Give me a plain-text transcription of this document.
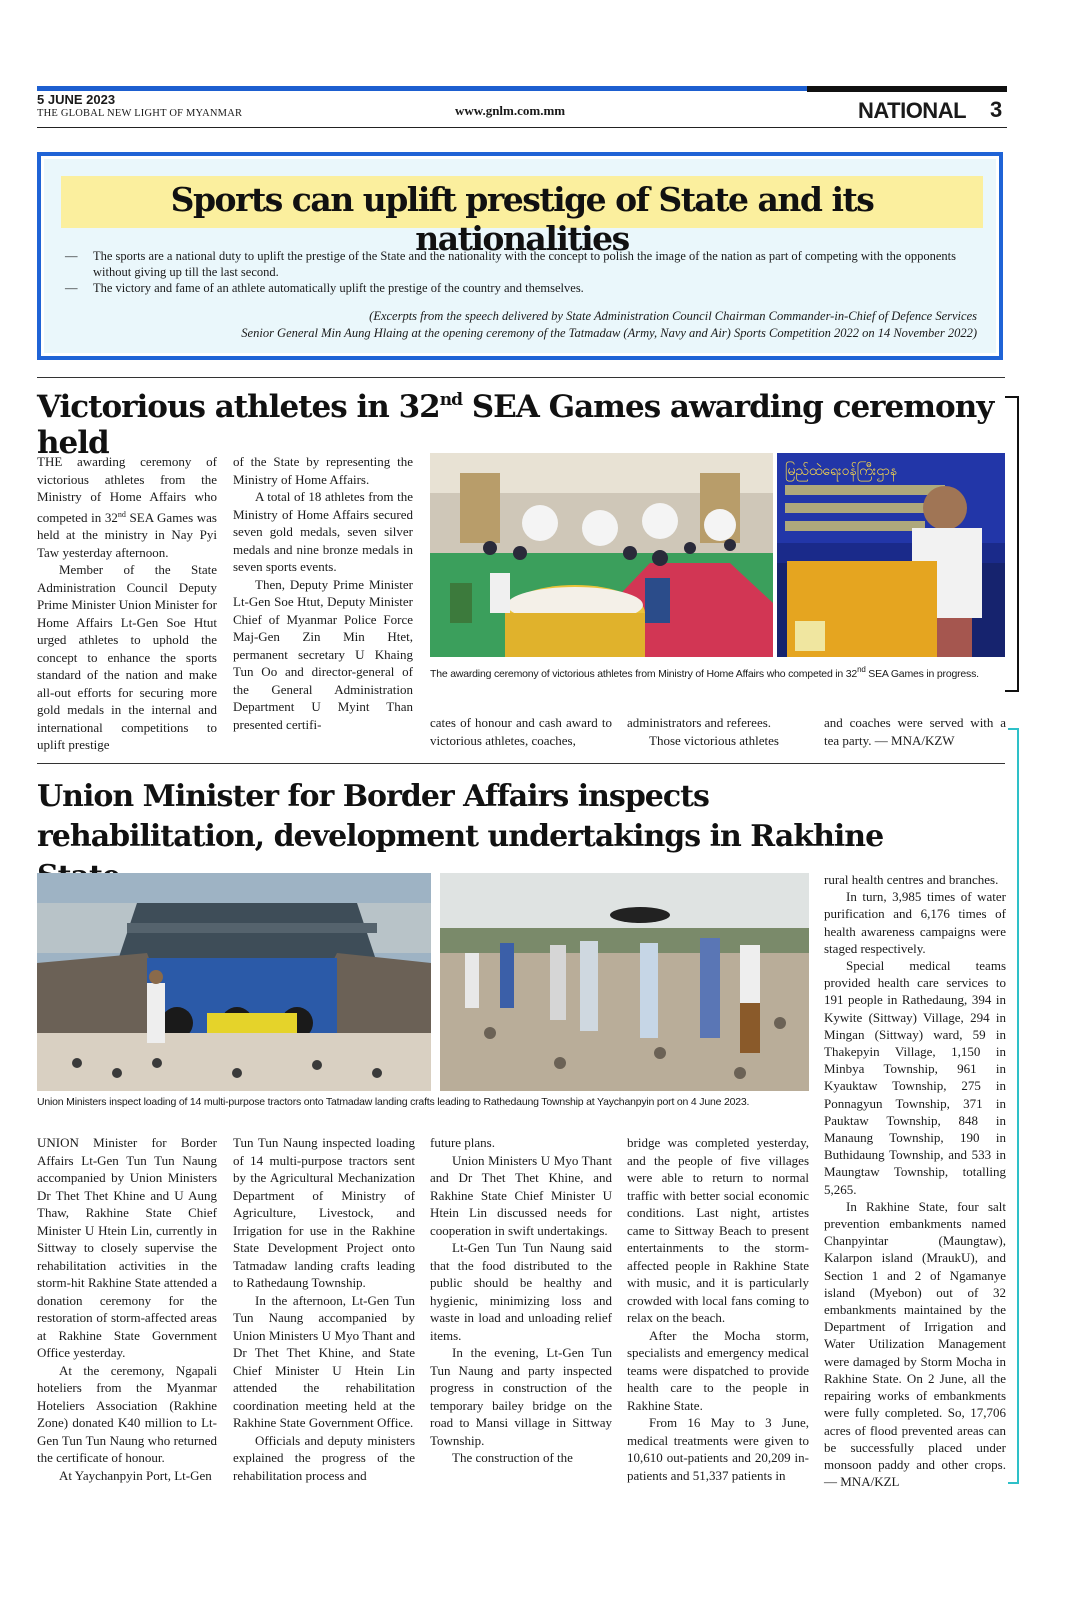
5 JUNE 2023
THE GLOBAL NEW LIGHT OF MYANMAR	www.gnlm.com.mm	NATIONAL 3
Sports can uplift prestige of State and its nationalities
— The sports are a national duty to uplift the prestige of the State and the nationality with the concept to polish the image of the nation as part of competing with the opponents without giving up till the last second.
— The victory and fame of an athlete automatically uplift the prestige of the country and themselves.
(Excerpts from the speech delivered by State Administration Council Chairman Commander-in-Chief of Defence Services
Senior General Min Aung Hlaing at the opening ceremony of the Tatmadaw (Army, Navy and Air) Sports Competition 2022 on 14 November 2022)
Victorious athletes in 32nd SEA Games awarding ceremony held

THE awarding ceremony of victorious athletes from the Ministry of Home Affairs who competed in 32nd SEA Games was held at the ministry in Nay Pyi Taw yesterday afternoon.

Member of the State Administration Council Deputy Prime Minister Union Minister for Home Affairs Lt-Gen Soe Htut urged athletes to uphold the concept to enhance the sports standard of the nation and make all-out efforts for securing more gold medals in the internal and international competitions to uplift prestige

of the State by representing the Ministry of Home Affairs.

A total of 18 athletes from the Ministry of Home Affairs secured seven gold medals, seven silver medals and nine bronze medals in seven sports events.

Then, Deputy Prime Minister Lt-Gen Soe Htut, Deputy Minister Chief of Myanmar Police Force Maj-Gen Zin Min Htet, permanent secretary U Khaing Tun Oo and director-general of the General Administration Department U Myint Than presented certifi-

မြည်ထဲရေးဝန်ကြီးဌာန
The awarding ceremony of victorious athletes from Ministry of Home Affairs who competed in 32nd SEA Games in progress.

cates of honour and cash award to victorious athletes, coaches,

administrators and referees.

Those victorious athletes

and coaches were served with a tea party. — MNA/KZW

Union Minister for Border Affairs inspects rehabilitation, development undertakings in Rakhine
Union Ministers inspect loading of 14 multi-purpose tractors onto Tatmadaw landing crafts leading to Rathedaung Township at Yaychanpyin port on 4 June 2023.

UNION Minister for Border Affairs Lt-Gen Tun Tun Naung accompanied by Union Ministers Dr Thet Thet Khine and U Aung Thaw, Rakhine State Chief Minister U Htein Lin, currently in Sittway to closely supervise the rehabilitation activities in the storm-hit Rakhine State attended a donation ceremony for the restoration of storm-affected areas at Rakhine State Government Office yesterday.

At the ceremony, Ngapali hoteliers from the Myanmar Hoteliers Association (Rakhine Zone) donated K40 million to Lt-Gen Tun Tun Naung who returned the certificate of honour.

At Yaychanpyin Port, Lt-Gen

Tun Tun Naung inspected loading of 14 multi-purpose tractors sent by the Agricultural Mechanization Department of Ministry of Agriculture, Livestock, and Irrigation for use in the Rakhine State Development Project onto Tatmadaw landing crafts leading to Rathedaung Township.

In the afternoon, Lt-Gen Tun Tun Naung accompanied by Union Ministers U Myo Thant and Dr Thet Thet Khine, and State Chief Minister U Htein Lin attended the rehabilitation coordination meeting held at the Rakhine State Government Office.

Officials and deputy ministers explained the progress of the rehabilitation process and

future plans.

Union Ministers U Myo Thant and Dr Thet Thet Khine, and Rakhine State Chief Minister U Htein Lin discussed needs for cooperation in swift undertakings.

Lt-Gen Tun Tun Naung said that the food distributed to the public should be healthy and hygienic, minimizing loss and waste in load and unloading relief items.

In the evening, Lt-Gen Tun Tun Naung and party inspected progress in construction of the temporary bailey bridge on the road to Mansi village in Sittway Township.

The construction of the

bridge was completed yesterday, and the people of five villages were able to return to normal traffic with better social economic conditions. Last night, artistes came to Sittway Beach to present entertainments to the storm-affected people in Rakhine State with music, and it is particularly crowded with local fans coming to relax on the beach.

After the Mocha storm, specialists and emergency medical teams were dispatched to provide health care to the people in Rakhine State.

From 16 May to 3 June, medical treatments were given to 10,610 out-patients and 20,209 in-patients and 51,337 patients in

rural health centres and branches.

In turn, 3,985 times of water purification and 6,176 times of health awareness campaigns were staged respectively.

Special medical teams provided health care services to 191 people in Rathedaung, 394 in Kywite (Sittway) Village, 294 in Mingan (Sittway) ward, 59 in Thakepyin Village, 1,150 in Minbya Township, 961 in Kyauktaw Township, 275 in Ponnagyun Township, 371 in Pauktaw Township, 848 in Manaung Township, 190 in Buthidaung Township, and 533 in Maungtaw Township, totalling 5,265.

In Rakhine State, four salt prevention embankments named Chanpyintar (Maungtaw), Kalarpon island (MraukU), and Section 1 and 2 of Ngamanye island (Myebon) out of 32 embankments maintained by the Department of Irrigation and Water Utilization Management were damaged by Storm Mocha in Rakhine State. On 2 June, all the repairing works of embankments were fully completed. So, 17,706 acres of flood prevented areas can be successfully placed under monsoon paddy and other crops. — MNA/KZL
